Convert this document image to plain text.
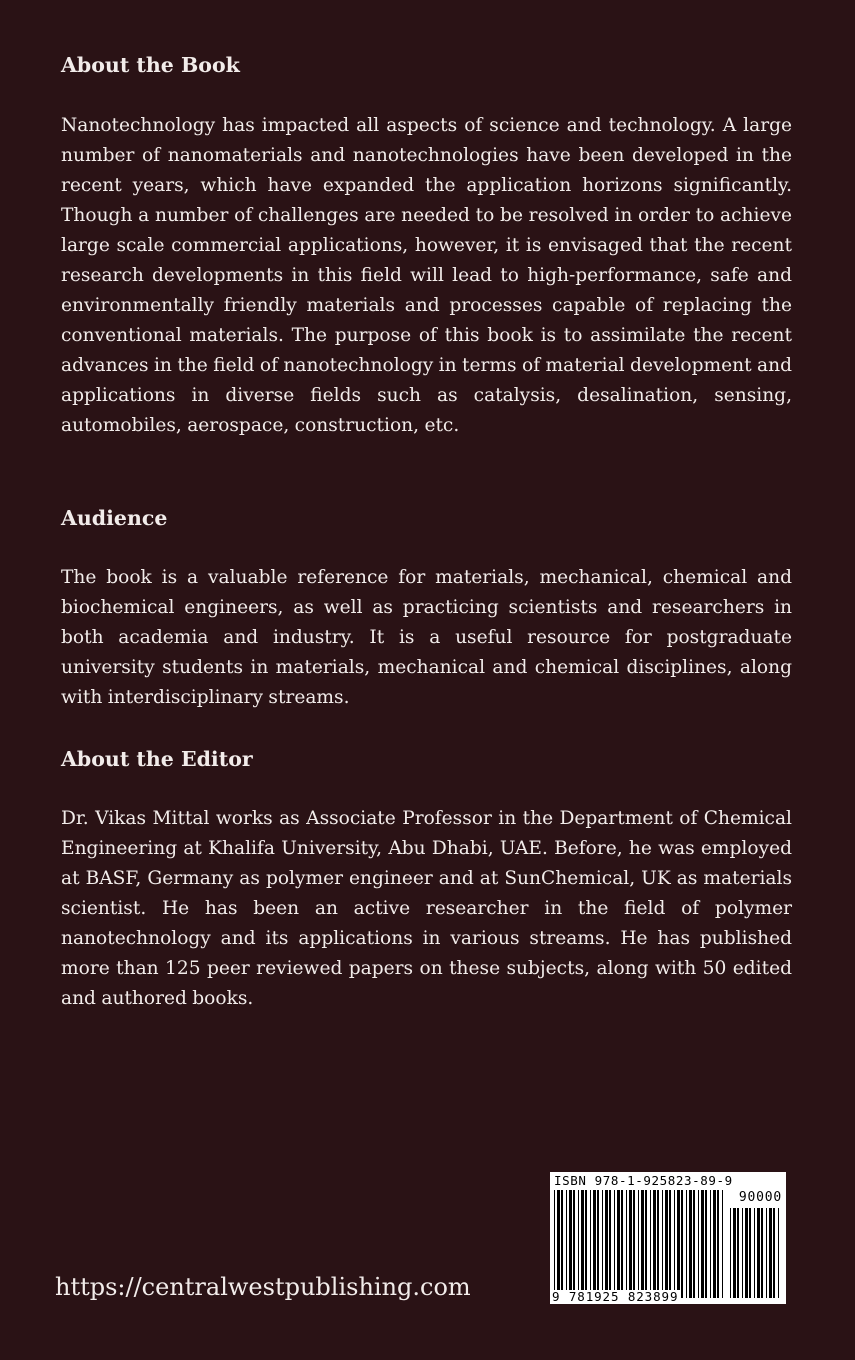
About the Book

Nanotechnology has impacted all aspects of science and technology. A large number of nanomaterials and nanotechnologies have been developed in the recent years, which have expanded the application horizons significantly. Though a number of challenges are needed to be resolved in order to achieve large scale commercial applications, however, it is envisaged that the recent research developments in this field will lead to high-performance, safe and environmentally friendly materials and processes capable of replacing the conventional materials. The purpose of this book is to assimilate the recent advances in the field of nanotechnology in terms of material development and applications in diverse fields such as catalysis, desalination, sensing, automobiles, aerospace, construction, etc.

Audience

The book is a valuable reference for materials, mechanical, chemical and biochemical engineers, as well as practicing scientists and researchers in both academia and industry. It is a useful resource for postgraduate university students in materials, mechanical and chemical disciplines, along with interdisciplinary streams.

About the Editor

Dr. Vikas Mittal works as Associate Professor in the Department of Chemical Engineering at Khalifa University, Abu Dhabi, UAE. Before, he was employed at BASF, Germany as polymer engineer and at SunChemical, UK as materials scientist. He has been an active researcher in the field of polymer nanotechnology and its applications in various streams. He has published more than 125 peer reviewed papers on these subjects, along with 50 edited and authored books.

https://centralwestpublishing.com
ISBN 978-1-925823-89-9
90000
9 781925 823899
